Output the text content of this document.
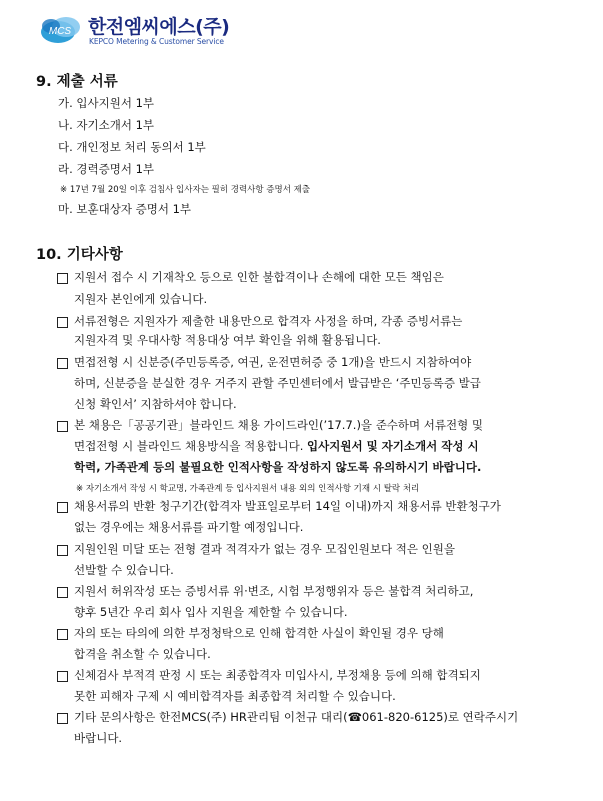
MCS 한전엠씨에스(주)
KEPCO Metering & Customer Service
9. 제출 서류
가. 입사지원서 1부
나. 자기소개서 1부
다. 개인정보 처리 동의서 1부
라. 경력증명서 1부
※ 17년 7월 20일 이후 검침사 입사자는 필히 경력사항 증명서 제출
마. 보훈대상자 증명서 1부
10. 기타사항
지원서 접수 시 기재착오 등으로 인한 불합격이나 손해에 대한 모든 책임은
지원자 본인에게 있습니다.
서류전형은 지원자가 제출한 내용만으로 합격자 사정을 하며, 각종 증빙서류는
지원자격 및 우대사항 적용대상 여부 확인을 위해 활용됩니다.
면접전형 시 신분증(주민등록증, 여권, 운전면허증 중 1개)을 반드시 지참하여야
하며, 신분증을 분실한 경우 거주지 관할 주민센터에서 발급받은 ‘주민등록증 발급
신청 확인서’ 지참하셔야 합니다.
본 채용은「공공기관」블라인드 채용 가이드라인(’17.7.)을 준수하며 서류전형 및
면접전형 시 블라인드 채용방식을 적용합니다. 입사지원서 및 자기소개서 작성 시
학력, 가족관계 등의 불필요한 인적사항을 작성하지 않도록 유의하시기 바랍니다.
※ 자기소개서 작성 시 학교명, 가족관계 등 입사지원서 내용 외의 인적사항 기재 시 탈락 처리
채용서류의 반환 청구기간(합격자 발표일로부터 14일 이내)까지 채용서류 반환청구가
없는 경우에는 채용서류를 파기할 예정입니다.
지원인원 미달 또는 전형 결과 적격자가 없는 경우 모집인원보다 적은 인원을
선발할 수 있습니다.
지원서 허위작성 또는 증빙서류 위·변조, 시험 부정행위자 등은 불합격 처리하고,
향후 5년간 우리 회사 입사 지원을 제한할 수 있습니다.
자의 또는 타의에 의한 부정청탁으로 인해 합격한 사실이 확인될 경우 당해
합격을 취소할 수 있습니다.
신체검사 부적격 판정 시 또는 최종합격자 미입사시, 부정채용 등에 의해 합격되지
못한 피해자 구제 시 예비합격자를 최종합격 처리할 수 있습니다.
기타 문의사항은 한전MCS(주) HR관리팀 이천규 대리(☎061-820-6125)로 연락주시기
바랍니다.
